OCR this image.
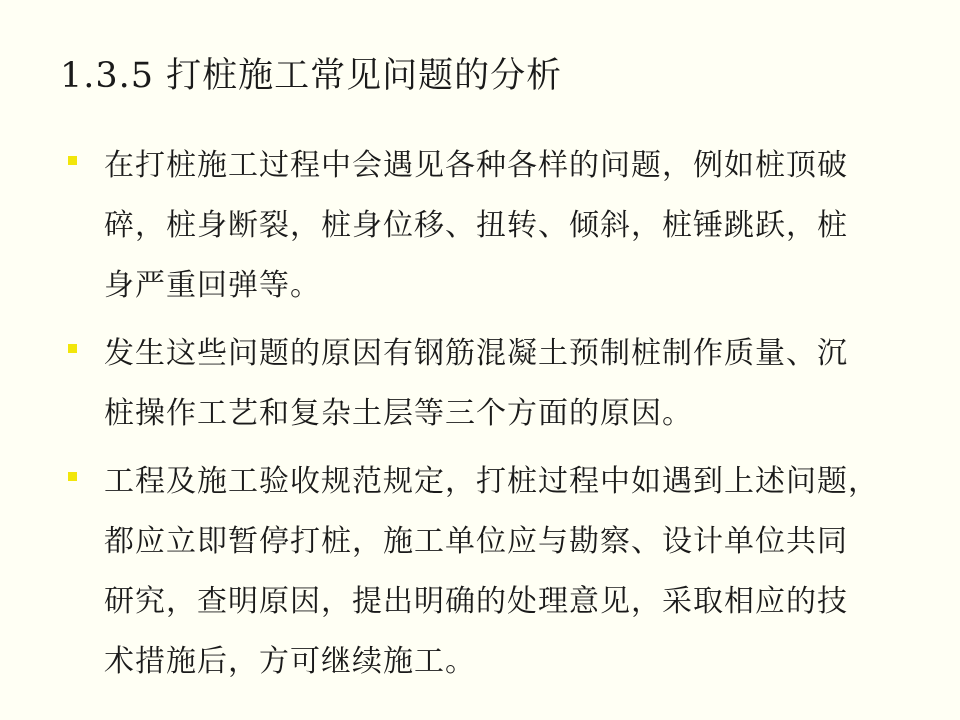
1.3.5 打桩施工常见问题的分析
在打桩施工过程中会遇见各种各样的问题，例如桩顶破
碎，桩身断裂，桩身位移、扭转、倾斜，桩锤跳跃，桩
身严重回弹等。
发生这些问题的原因有钢筋混凝土预制桩制作质量、沉
桩操作工艺和复杂土层等三个方面的原因。
工程及施工验收规范规定，打桩过程中如遇到上述问题，
都应立即暂停打桩，施工单位应与勘察、设计单位共同
研究，查明原因，提出明确的处理意见，采取相应的技
术措施后，方可继续施工。
